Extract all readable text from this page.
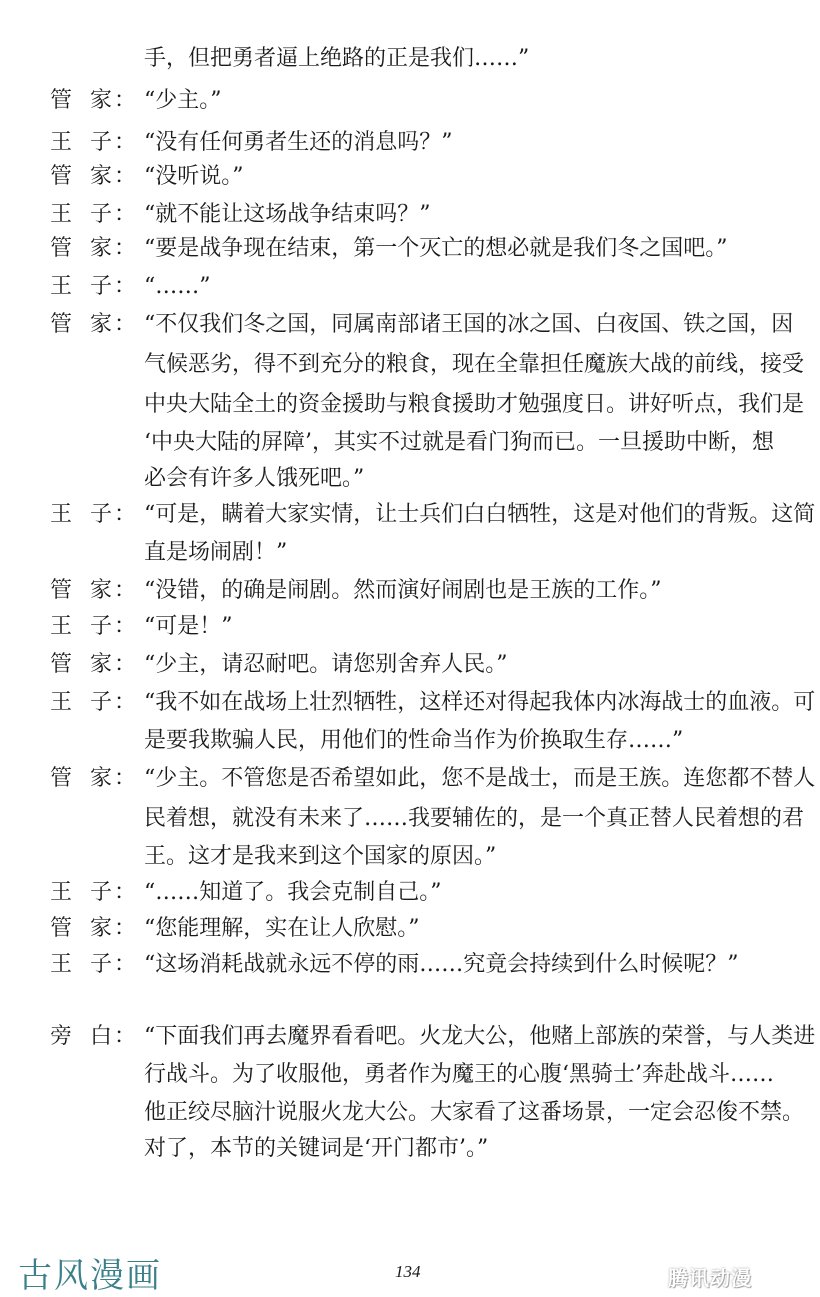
手，但把勇者逼上绝路的正是我们……”
管 家 ： “少主。”
王 子 ： “没有任何勇者生还的消息吗？”
管 家 ： “没听说。”
王 子 ： “就不能让这场战争结束吗？”
管 家 ： “要是战争现在结束，第一个灭亡的想必就是我们冬之国吧。”
王 子 ： “……”
管 家 ： “不仅我们冬之国，同属南部诸王国的冰之国、白夜国、铁之国，因
气候恶劣，得不到充分的粮食，现在全靠担任魔族大战的前线，接受
中央大陆全土的资金援助与粮食援助才勉强度日。讲好听点，我们是
‘中央大陆的屏障’，其实不过就是看门狗而已。一旦援助中断，想
必会有许多人饿死吧。”
王 子 ： “可是，瞒着大家实情，让士兵们白白牺牲，这是对他们的背叛。这简
直是场闹剧！”
管 家 ： “没错，的确是闹剧。然而演好闹剧也是王族的工作。”
王 子 ： “可是！”
管 家 ： “少主，请忍耐吧。请您别舍弃人民。”
王 子 ： “我不如在战场上壮烈牺牲，这样还对得起我体内冰海战士的血液。可
是要我欺骗人民，用他们的性命当作为价换取生存……”
管 家 ： “少主。不管您是否希望如此，您不是战士，而是王族。连您都不替人
民着想，就没有未来了……我要辅佐的，是一个真正替人民着想的君
王。这才是我来到这个国家的原因。”
王 子 ： “……知道了。我会克制自己。”
管 家 ： “您能理解，实在让人欣慰。”
王 子 ： “这场消耗战就永远不停的雨……究竟会持续到什么时候呢？”
旁 白 ： “下面我们再去魔界看看吧。火龙大公，他赌上部族的荣誉，与人类进
行战斗。为了收服他，勇者作为魔王的心腹‘黑骑士’奔赴战斗……
他正绞尽脑汁说服火龙大公。大家看了这番场景，一定会忍俊不禁。
对了，本节的关键词是‘开门都市’。”
古风漫画	134	腾讯动漫
